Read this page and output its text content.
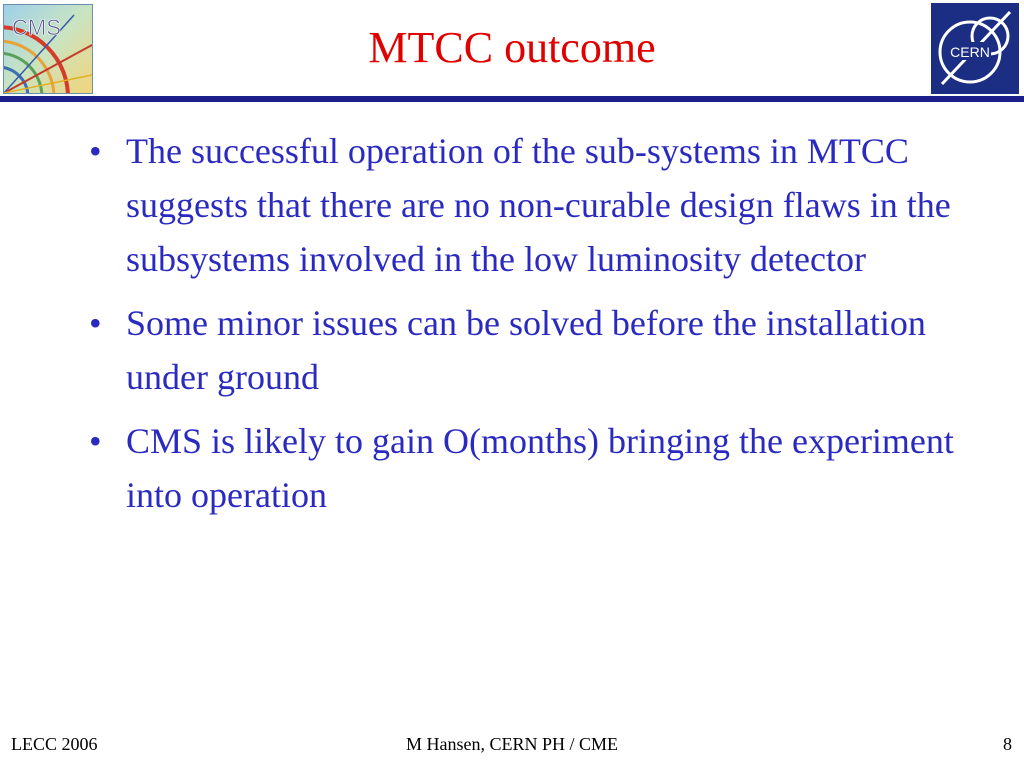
CMS
CERN
MTCC outcome
• The successful operation of the sub-systems in MTCC suggests that there are no non-curable design flaws in the subsystems involved in the low luminosity detector
• Some minor issues can be solved before the installation under ground
• CMS is likely to gain O(months) bringing the experiment into operation
LECC 2006	M Hansen, CERN PH / CME	8
